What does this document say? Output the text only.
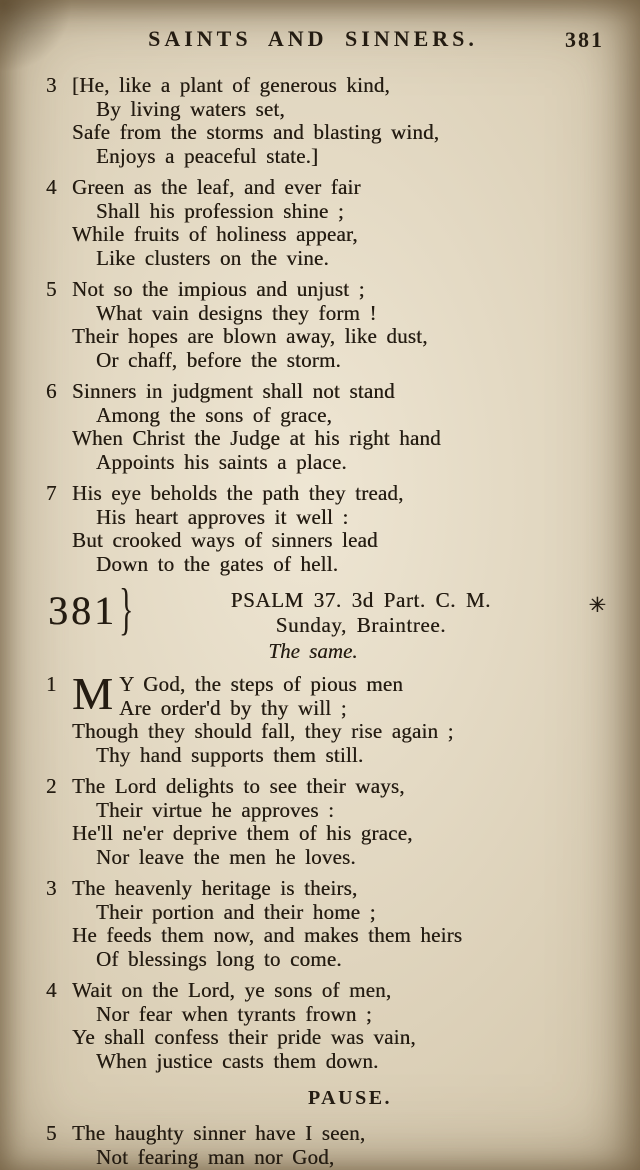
SAINTS AND SINNERS.	381
3 [He, like a plant of generous kind,
By living waters set,
Safe from the storms and blasting wind,
Enjoys a peaceful state.]
4 Green as the leaf, and ever fair
Shall his profession shine ;
While fruits of holiness appear,
Like clusters on the vine.
5 Not so the impious and unjust ;
What vain designs they form !
Their hopes are blown away, like dust,
Or chaff, before the storm.
6 Sinners in judgment shall not stand
Among the sons of grace,
When Christ the Judge at his right hand
Appoints his saints a place.
7 His eye beholds the path they tread,
His heart approves it well :
But crooked ways of sinners lead
Down to the gates of hell.
381 }	PSALM 37. 3d Part. C. M.
Sunday, Braintree.
✳
The same.
1 M Y God, the steps of pious men
Are order'd by thy will ;
Though they should fall, they rise again ;
Thy hand supports them still.
2 The Lord delights to see their ways,
Their virtue he approves :
He'll ne'er deprive them of his grace,
Nor leave the men he loves.
3 The heavenly heritage is theirs,
Their portion and their home ;
He feeds them now, and makes them heirs
Of blessings long to come.
4 Wait on the Lord, ye sons of men,
Nor fear when tyrants frown ;
Ye shall confess their pride was vain,
When justice casts them down.
PAUSE.
5 The haughty sinner have I seen,
Not fearing man nor God,
